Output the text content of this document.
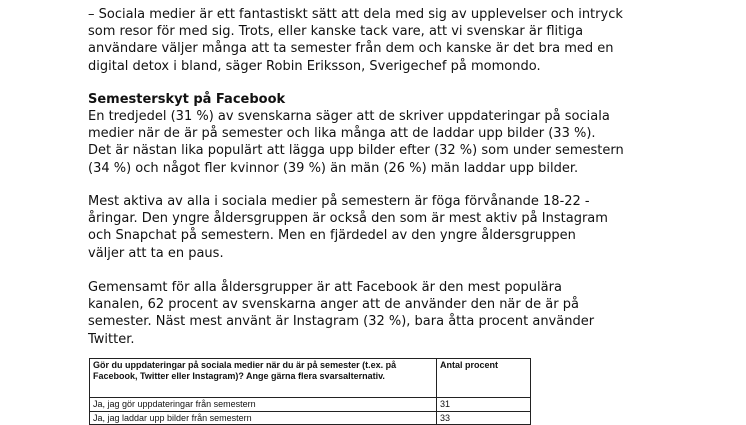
– Sociala medier är ett fantastiskt sätt att dela med sig av upplevelser och intryck
som resor för med sig. Trots, eller kanske tack vare, att vi svenskar är flitiga
användare väljer många att ta semester från dem och kanske är det bra med en
digital detox i bland, säger Robin Eriksson, Sverigechef på momondo.

Semesterskyt på Facebook

En tredjedel (31 %) av svenskarna säger att de skriver uppdateringar på sociala
medier när de är på semester och lika många att de laddar upp bilder (33 %).
Det är nästan lika populärt att lägga upp bilder efter (32 %) som under semestern
(34 %) och något fler kvinnor (39 %) än män (26 %) män laddar upp bilder.

Mest aktiva av alla i sociala medier på semestern är föga förvånande 18-22 -
åringar. Den yngre åldersgruppen är också den som är mest aktiv på Instagram
och Snapchat på semestern. Men en fjärdedel av den yngre åldersgruppen
väljer att ta en paus.

Gemensamt för alla åldersgrupper är att Facebook är den mest populära
kanalen, 62 procent av svenskarna anger att de använder den när de är på
semester. Näst mest använt är Instagram (32 %), bara åtta procent använder
Twitter.

Gör du uppdateringar på sociala medier när du är på semester (t.ex. på Facebook, Twitter eller Instagram)? Ange gärna flera svarsalternativ.	Antal procent
Ja, jag gör uppdateringar från semestern	31
Ja, jag laddar upp bilder från semestern	33
